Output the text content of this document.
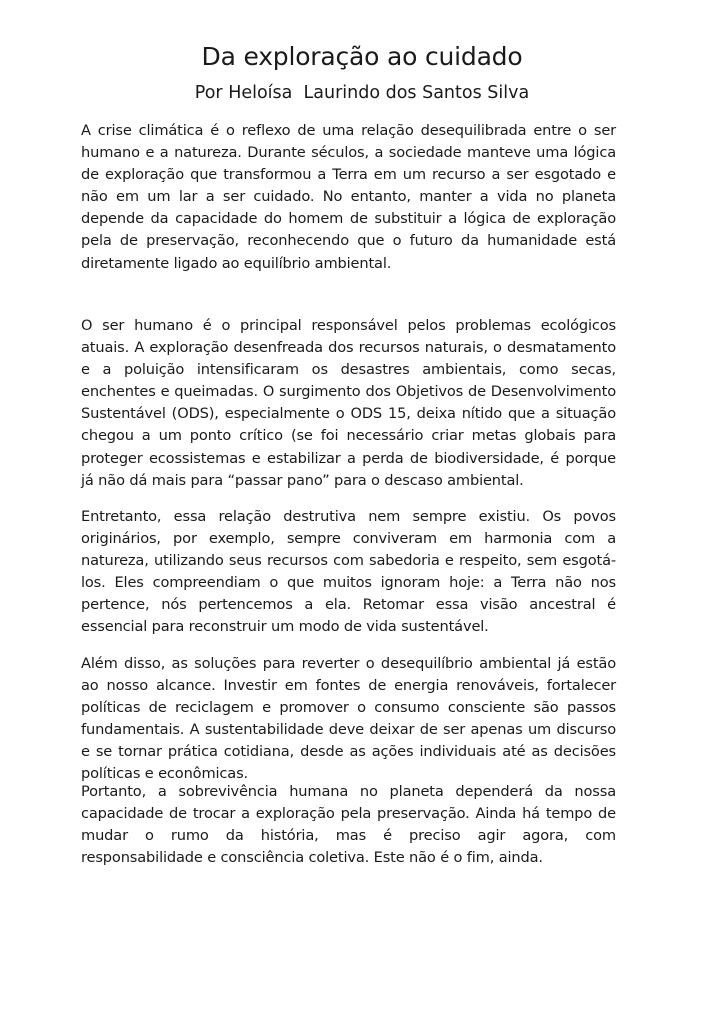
Da exploração ao cuidado

Por Heloísa  Laurindo dos Santos Silva

A crise climática é o reflexo de uma relação desequilibrada entre o ser humano e a natureza. Durante séculos, a sociedade manteve uma lógica de exploração que transformou a Terra em um recurso a ser esgotado e não em um lar a ser cuidado. No entanto, manter a vida no planeta depende da capacidade do homem de substituir a lógica de exploração pela de preservação, reconhecendo que o futuro da humanidade está diretamente ligado ao equilíbrio ambiental.

O ser humano é o principal responsável pelos problemas ecológicos atuais. A exploração desenfreada dos recursos naturais, o desmatamento e a poluição intensificaram os desastres ambientais, como secas, enchentes e queimadas. O surgimento dos Objetivos de Desenvolvimento Sustentável (ODS), especialmente o ODS 15, deixa nítido que a situação chegou a um ponto crítico (se foi necessário criar metas globais para proteger ecossistemas e estabilizar a perda de biodiversidade, é porque já não dá mais para “passar pano” para o descaso ambiental.

Entretanto, essa relação destrutiva nem sempre existiu. Os povos originários, por exemplo, sempre conviveram em harmonia com a natureza, utilizando seus recursos com sabedoria e respeito, sem esgotá-los. Eles compreendiam o que muitos ignoram hoje: a Terra não nos pertence, nós pertencemos a ela. Retomar essa visão ancestral é essencial para reconstruir um modo de vida sustentável.

Além disso, as soluções para reverter o desequilíbrio ambiental já estão ao nosso alcance. Investir em fontes de energia renováveis, fortalecer políticas de reciclagem e promover o consumo consciente são passos fundamentais. A sustentabilidade deve deixar de ser apenas um discurso e se tornar prática cotidiana, desde as ações individuais até as decisões políticas e econômicas.

Portanto, a sobrevivência humana no planeta dependerá da nossa capacidade de trocar a exploração pela preservação. Ainda há tempo de mudar o rumo da história, mas é preciso agir agora, com responsabilidade e consciência coletiva. Este não é o fim, ainda.
